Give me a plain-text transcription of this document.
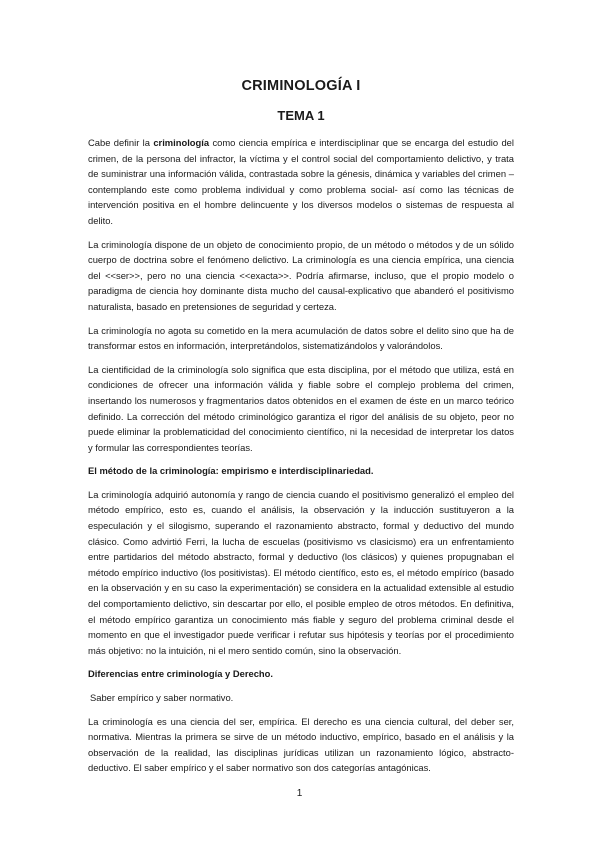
CRIMINOLOGÍA I
TEMA 1

Cabe definir la criminología como ciencia empírica e interdisciplinar que se encarga del estudio del crimen, de la persona del infractor, la víctima y el control social del comportamiento delictivo, y trata de suministrar una información válida, contrastada sobre la génesis, dinámica y variables del crimen – contemplando este como problema individual y como problema social- así como las técnicas de intervención positiva en el hombre delincuente y los diversos modelos o sistemas de respuesta al delito.

La criminología dispone de un objeto de conocimiento propio, de un método o métodos y de un sólido cuerpo de doctrina sobre el fenómeno delictivo. La criminología es una ciencia empírica, una ciencia del <<ser>>, pero no una ciencia <<exacta>>. Podría afirmarse, incluso, que el propio modelo o paradigma de ciencia hoy dominante dista mucho del causal-explicativo que abanderó el positivismo naturalista, basado en pretensiones de seguridad y certeza.

La criminología no agota su cometido en la mera acumulación de datos sobre el delito sino que ha de transformar estos en información, interpretándolos, sistematizándolos y valorándolos.

La cientificidad de la criminología solo significa que esta disciplina, por el método que utiliza, está en condiciones de ofrecer una información válida y fiable sobre el complejo problema del crimen, insertando los numerosos y fragmentarios datos obtenidos en el examen de éste en un marco teórico definido. La corrección del método criminológico garantiza el rigor del análisis de su objeto, peor no puede eliminar la problematicidad del conocimiento científico, ni la necesidad de interpretar los datos y formular las correspondientes teorías.

El método de la criminología: empirismo e interdisciplinariedad.

La criminología adquirió autonomía y rango de ciencia cuando el positivismo generalizó el empleo del método empírico, esto es, cuando el análisis, la observación y la inducción sustituyeron a la especulación y el silogismo, superando el razonamiento abstracto, formal y deductivo del mundo clásico. Como advirtió Ferri, la lucha de escuelas (positivismo vs clasicismo) era un enfrentamiento entre partidarios del método abstracto, formal y deductivo (los clásicos) y quienes propugnaban el método empírico inductivo (los positivistas). El método científico, esto es, el método empírico (basado en la observación y en su caso la experimentación) se considera en la actualidad extensible al estudio del comportamiento delictivo, sin descartar por ello, el posible empleo de otros métodos. En definitiva, el método empírico garantiza un conocimiento más fiable y seguro del problema criminal desde el momento en que el investigador puede verificar i refutar sus hipótesis y teorías por el procedimiento más objetivo: no la intuición, ni el mero sentido común, sino la observación.

Diferencias entre criminología y Derecho.
Saber empírico y saber normativo.

La criminología es una ciencia del ser, empírica. El derecho es una ciencia cultural, del deber ser, normativa. Mientras la primera se sirve de un método inductivo, empírico, basado en el análisis y la observación de la realidad, las disciplinas jurídicas utilizan un razonamiento lógico, abstracto-deductivo. El saber empírico y el saber normativo son dos categorías antagónicas.

1
